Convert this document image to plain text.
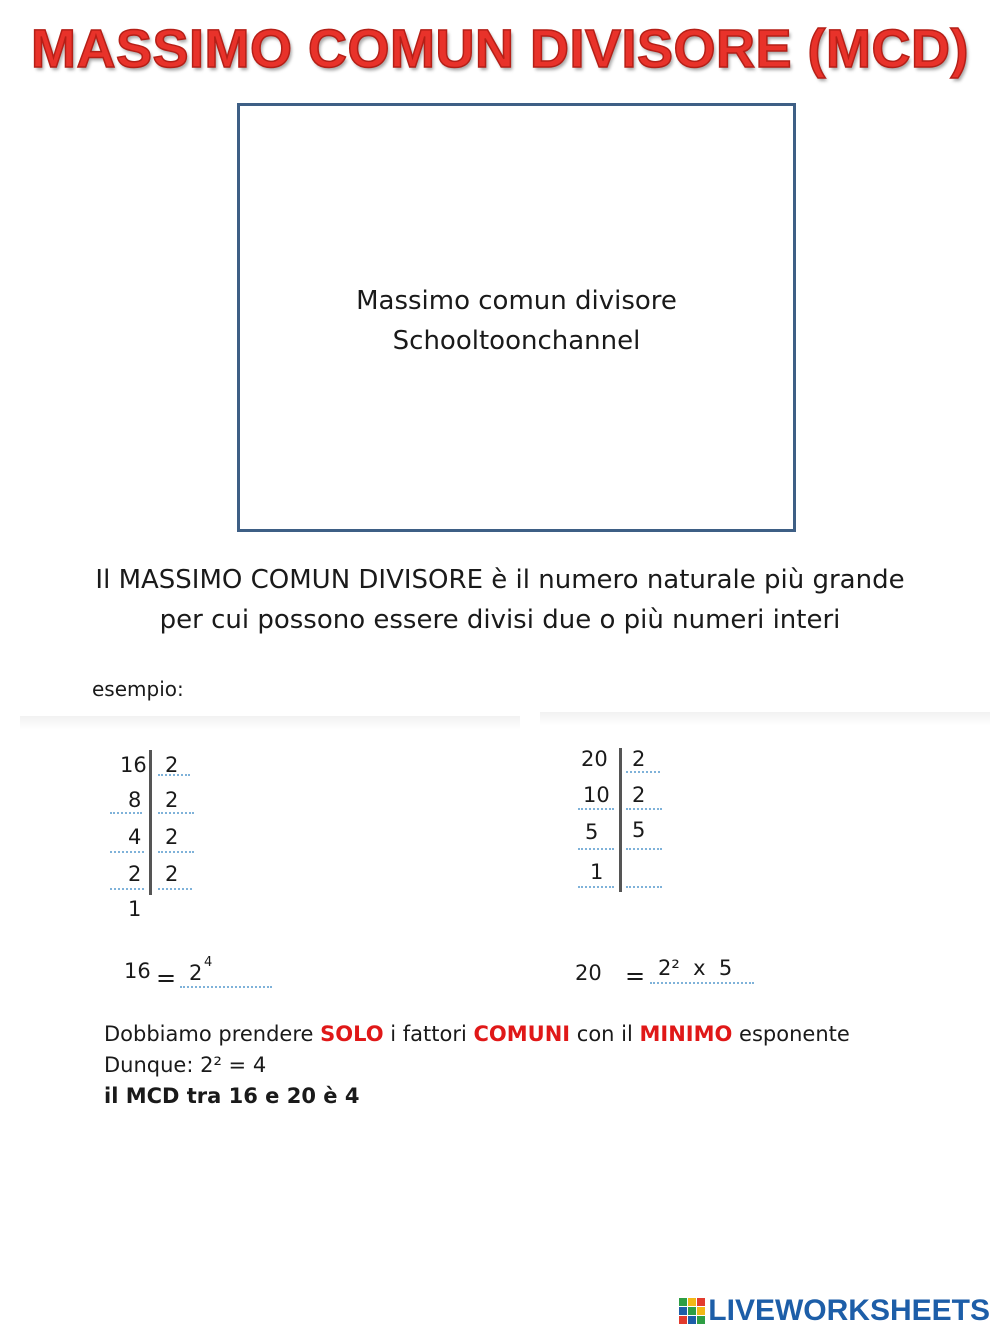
MASSIMO COMUN DIVISORE (MCD)
Massimo comun divisore
Schooltoonchannel
Il MASSIMO COMUN DIVISORE è il numero naturale più grande
per cui possono essere divisi due o più numeri interi
esempio:
16
8
4
2
1
2
2
2
2
16 = 2 4
20
10
5
1
2
2
5
20 = 2²  x  5
Dobbiamo prendere SOLO i fattori COMUNI con il MINIMO esponente
Dunque: 2² = 4
il MCD tra 16 e 20 è 4
LIVEWORKSHEETS
